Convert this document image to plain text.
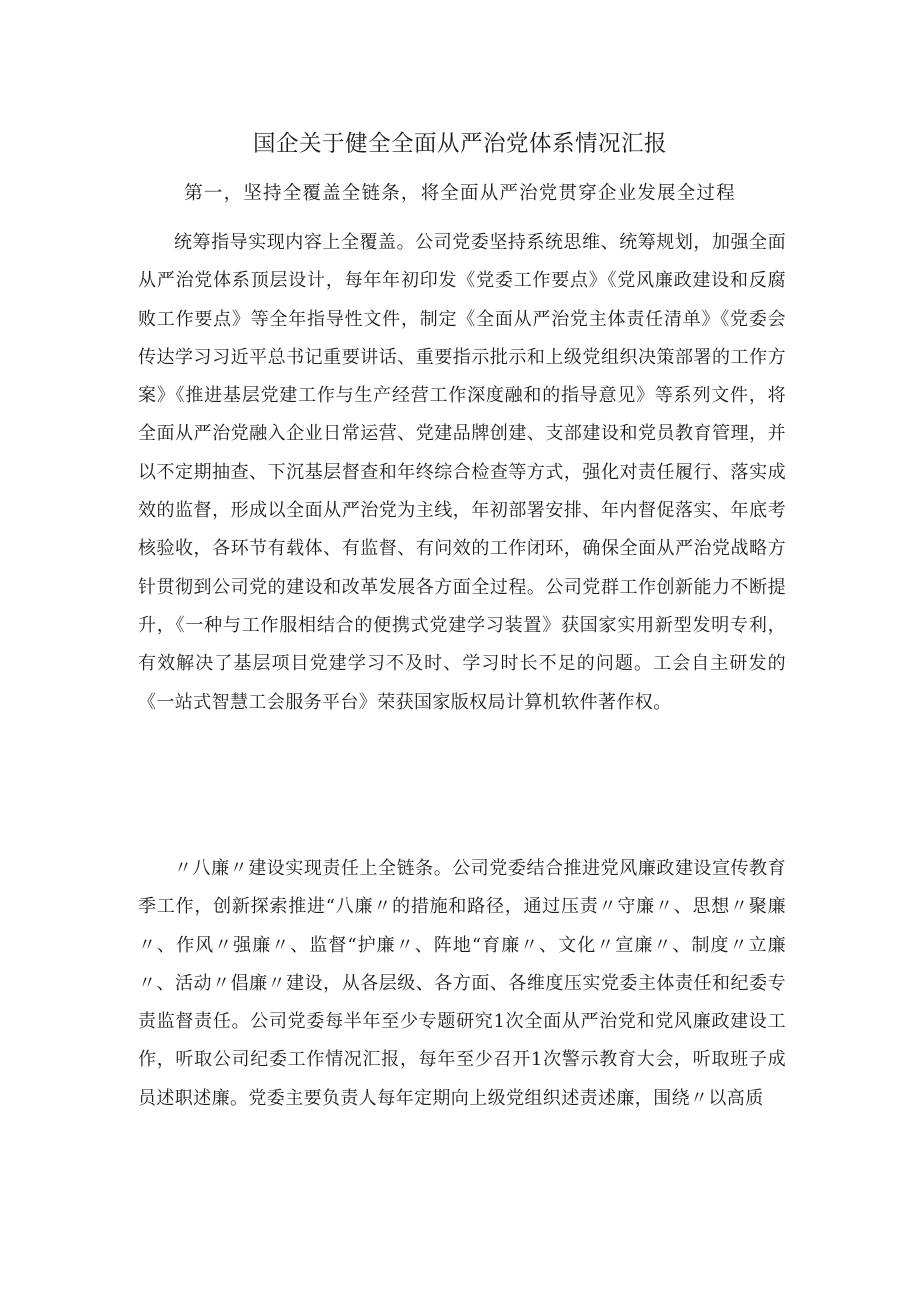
国企关于健全全面从严治党体系情况汇报
第一，坚持全覆盖全链条，将全面从严治党贯穿企业发展全过程

统筹指导实现内容上全覆盖。公司党委坚持系统思维、统筹规划，加强全面从严治党体系顶层设计，每年年初印发《党委工作要点》《党风廉政建设和反腐败工作要点》等全年指导性文件，制定《全面从严治党主体责任清单》《党委会传达学习习近平总书记重要讲话、重要指示批示和上级党组织决策部署的工作方案》《推进基层党建工作与生产经营工作深度融和的指导意见》等系列文件，将全面从严治党融入企业日常运营、党建品牌创建、支部建设和党员教育管理，并以不定期抽查、下沉基层督查和年终综合检查等方式，强化对责任履行、落实成效的监督，形成以全面从严治党为主线，年初部署安排、年内督促落实、年底考核验收，各环节有载体、有监督、有问效的工作闭环，确保全面从严治党战略方针贯彻到公司党的建设和改革发展各方面全过程。公司党群工作创新能力不断提升，《一种与工作服相结合的便携式党建学习装置》获国家实用新型发明专利，有效解决了基层项目党建学习不及时、学习时长不足的问题。工会自主研发的《一站式智慧工会服务平台》荣获国家版权局计算机软件著作权。

〃八廉〃建设实现责任上全链条。公司党委结合推进党风廉政建设宣传教育季工作，创新探索推进“八廉〃的措施和路径，通过压责〃守廉〃、思想〃聚廉〃、作风〃强廉〃、监督“护廉〃、阵地“育廉〃、文化〃宣廉〃、制度〃立廉〃、活动〃倡廉〃建设，从各层级、各方面、各维度压实党委主体责任和纪委专责监督责任。公司党委每半年至少专题研究1次全面从严治党和党风廉政建设工作，听取公司纪委工作情况汇报，每年至少召开1次警示教育大会，听取班子成员述职述廉。党委主要负责人每年定期向上级党组织述责述廉，围绕〃以高质
